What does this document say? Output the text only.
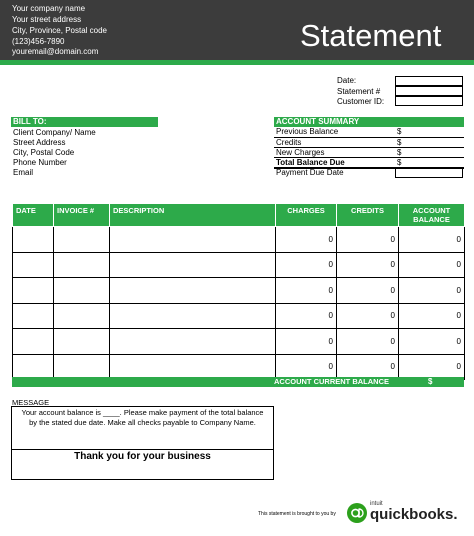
Your company name
Your street address
City, Province, Postal code
(123)456-7890
youremail@domain.com	Statement
Date:
Statement #
Customer ID:
BILL TO:
Client Company/ Name
Street Address
City, Postal Code
Phone Number
Email
ACCOUNT SUMMARY
Previous Balance	$
Credits	$
New Charges	$
Total Balance Due	$
Payment Due Date
DATE	INVOICE #	DESCRIPTION	CHARGES	CREDITS	ACCOUNT BALANCE
			0	0	0
			0	0	0
			0	0	0
			0	0	0
			0	0	0
			0	0	0
ACCOUNT CURRENT BALANCE	$
MESSAGE
Your account balance is ____. Please make payment of the total balance
by the stated due date. Make all checks payable to Company Name.
Thank you for your business
This statement is brought to you by
intuit
quickbooks.
